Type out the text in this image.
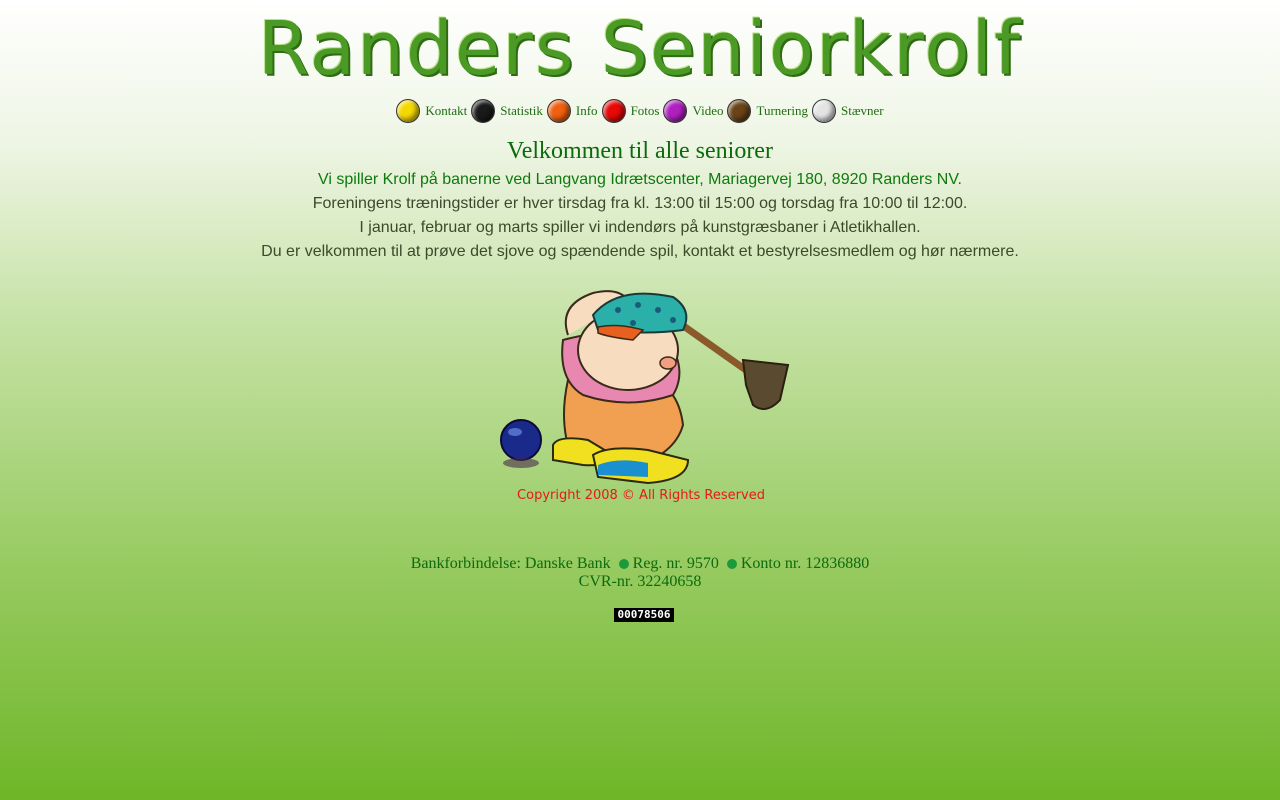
Randers Seniorkrolf
Kontakt	Statistik	Info	Fotos	Video	Turnering	Stævner
Velkommen til alle seniorer
Vi spiller Krolf på banerne ved Langvang Idrætscenter, Mariagervej 180, 8920 Randers NV.
Foreningens træningstider er hver tirsdag fra kl. 13:00 til 15:00 og torsdag fra 10:00 til 12:00.
I januar, februar og marts spiller vi indendørs på kunstgræsbaner i Atletikhallen.
Du er velkommen til at prøve det sjove og spændende spil, kontakt et bestyrelsesmedlem og hør nærmere.
Copyright 2008 © All Rights Reserved
Bankforbindelse: Danske Bank Reg. nr. 9570 Konto nr. 12836880
CVR-nr. 32240658
00078506
